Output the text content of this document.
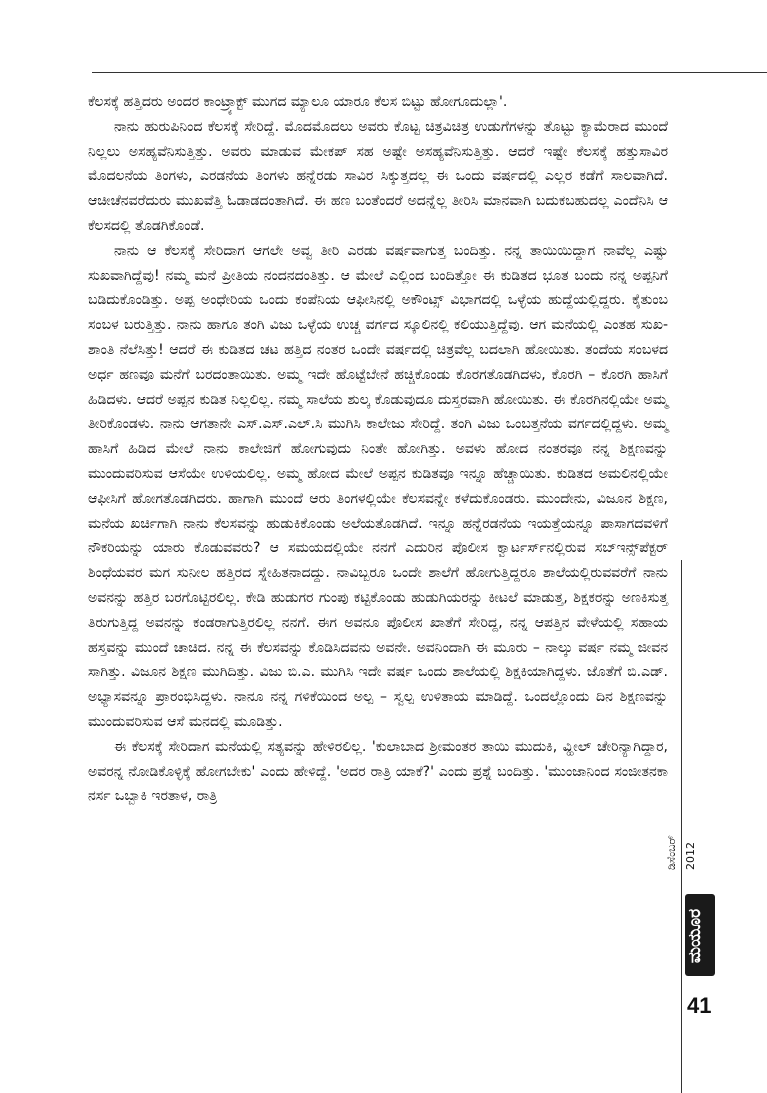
ಕೆಲಸಕ್ಕೆ ಹತ್ತಿದರು ಅಂದರ ಕಾಂಟ್ರ್ಯಾಕ್ಟ್ ಮುಗದ ಮ್ಯಾಲೂ ಯಾರೂ ಕೆಲಸ ಬಿಟ್ಟು ಹೋಗೂದುಲ್ಲಾ'.

ನಾನು ಹುರುಪಿನಿಂದ ಕೆಲಸಕ್ಕೆ ಸೇರಿದ್ದೆ. ಮೊದಮೊದಲು ಅವರು ಕೊಟ್ಟ ಚಿತ್ರವಿಚಿತ್ರ ಉಡುಗೆಗಳನ್ನು ತೊಟ್ಟು ಕ್ಯಾಮೆರಾದ ಮುಂದೆ ನಿಲ್ಲಲು ಅಸಹ್ಯವೆನಿಸುತ್ತಿತ್ತು. ಅವರು ಮಾಡುವ ಮೇಕಪ್ ಸಹ ಅಷ್ಟೇ ಅಸಹ್ಯವೆನಿಸುತ್ತಿತ್ತು. ಆದರೆ ಇಷ್ಟೇ ಕೆಲಸಕ್ಕೆ ಹತ್ತುಸಾವಿರ ಮೊದಲನೆಯ ತಿಂಗಳು, ಎರಡನೆಯ ತಿಂಗಳು ಹನ್ನೆರಡು ಸಾವಿರ ಸಿಕ್ಕುತ್ತದಲ್ಲ ಈ ಒಂದು ವರ್ಷದಲ್ಲಿ ಎಲ್ಲರ ಕಡೆಗೆ ಸಾಲವಾಗಿದೆ. ಆಚೀಚೆನವರೆದುರು ಮುಖವೆತ್ತಿ ಓಡಾಡದಂತಾಗಿದೆ. ಈ ಹಣ ಬಂತೆಂದರೆ ಅದನ್ನೆಲ್ಲ ತೀರಿಸಿ ಮಾನವಾಗಿ ಬದುಕಬಹುದಲ್ಲ ಎಂದೆನಿಸಿ ಆ ಕೆಲಸದಲ್ಲಿ ತೊಡಗಿಕೊಂಡೆ.

ನಾನು ಆ ಕೆಲಸಕ್ಕೆ ಸೇರಿದಾಗ ಆಗಲೇ ಅವ್ವ ತೀರಿ ಎರಡು ವರ್ಷವಾಗುತ್ತ ಬಂದಿತ್ತು. ನನ್ನ ತಾಯಿಯಿದ್ದಾಗ ನಾವೆಲ್ಲ ಎಷ್ಟು ಸುಖವಾಗಿದ್ದೆವು! ನಮ್ಮ ಮನೆ ಪ್ರೀತಿಯ ನಂದನದಂತಿತ್ತು. ಆ ಮೇಲೆ ಎಲ್ಲಿಂದ ಬಂದಿತ್ತೋ ಈ ಕುಡಿತದ ಭೂತ ಬಂದು ನನ್ನ ಅಪ್ಪನಿಗೆ ಬಡಿದುಕೊಂಡಿತ್ತು. ಅಪ್ಪ ಅಂಧೇರಿಯ ಒಂದು ಕಂಪೆನಿಯ ಆಫೀಸಿನಲ್ಲಿ ಅಕೌಂಟ್ಸ್ ವಿಭಾಗದಲ್ಲಿ ಒಳ್ಳೆಯ ಹುದ್ದೆಯಲ್ಲಿದ್ದರು. ಕೈತುಂಬ ಸಂಬಳ ಬರುತ್ತಿತ್ತು. ನಾನು ಹಾಗೂ ತಂಗಿ ವಿಜು ಒಳ್ಳೆಯ ಉಚ್ಚ ವರ್ಗದ ಸ್ಕೂಲಿನಲ್ಲಿ ಕಲಿಯುತ್ತಿದ್ದೆವು. ಆಗ ಮನೆಯಲ್ಲಿ ಎಂತಹ ಸುಖ-ಶಾಂತಿ ನೆಲೆಸಿತ್ತು! ಆದರೆ ಈ ಕುಡಿತದ ಚಟ ಹತ್ತಿದ ನಂತರ ಒಂದೇ ವರ್ಷದಲ್ಲಿ ಚಿತ್ರವೆಲ್ಲ ಬದಲಾಗಿ ಹೋಯಿತು. ತಂದೆಯ ಸಂಬಳದ ಅರ್ಧ ಹಣವೂ ಮನೆಗೆ ಬರದಂತಾಯಿತು. ಅಮ್ಮ ಇದೇ ಹೊಟ್ಟೆಬೇನೆ ಹಚ್ಚಿಕೊಂಡು ಕೊರಗತೊಡಗಿದಳು, ಕೊರಗಿ – ಕೊರಗಿ ಹಾಸಿಗೆ ಹಿಡಿದಳು. ಆದರೆ ಅಪ್ಪನ ಕುಡಿತ ನಿಲ್ಲಲಿಲ್ಲ. ನಮ್ಮ ಸಾಲೆಯ ಶುಲ್ಕ ಕೊಡುವುದೂ ದುಸ್ತರವಾಗಿ ಹೋಯಿತು. ಈ ಕೊರಗಿನಲ್ಲಿಯೇ ಅಮ್ಮ ತೀರಿಕೊಂಡಳು. ನಾನು ಆಗತಾನೇ ಎಸ್.ಎಸ್.ಎಲ್.ಸಿ ಮುಗಿಸಿ ಕಾಲೇಜು ಸೇರಿದ್ದೆ. ತಂಗಿ ವಿಜು ಒಂಬತ್ತನೆಯ ವರ್ಗದಲ್ಲಿದ್ದಳು. ಅಮ್ಮ ಹಾಸಿಗೆ ಹಿಡಿದ ಮೇಲೆ ನಾನು ಕಾಲೇಜಿಗೆ ಹೋಗುವುದು ನಿಂತೇ ಹೋಗಿತ್ತು. ಅವಳು ಹೋದ ನಂತರವೂ ನನ್ನ ಶಿಕ್ಷಣವನ್ನು ಮುಂದುವರಿಸುವ ಆಸೆಯೇ ಉಳಿಯಲಿಲ್ಲ. ಅಮ್ಮ ಹೋದ ಮೇಲೆ ಅಪ್ಪನ ಕುಡಿತವೂ ಇನ್ನೂ ಹೆಚ್ಚಾಯಿತು. ಕುಡಿತದ ಅಮಲಿನಲ್ಲಿಯೇ ಆಫೀಸಿಗೆ ಹೋಗತೊಡಗಿದರು. ಹಾಗಾಗಿ ಮುಂದೆ ಆರು ತಿಂಗಳಲ್ಲಿಯೇ ಕೆಲಸವನ್ನೇ ಕಳೆದುಕೊಂಡರು. ಮುಂದೇನು, ವಿಜೂನ ಶಿಕ್ಷಣ, ಮನೆಯ ಖರ್ಚಿಗಾಗಿ ನಾನು ಕೆಲಸವನ್ನು ಹುಡುಕಿಕೊಂಡು ಅಲೆಯತೊಡಗಿದೆ. ಇನ್ನೂ ಹನ್ನೆರಡನೆಯ ಇಯತ್ತೆಯನ್ನೂ ಪಾಸಾಗದವಳಿಗೆ ನೌಕರಿಯನ್ನು ಯಾರು ಕೊಡುವವರು? ಆ ಸಮಯದಲ್ಲಿಯೇ ನನಗೆ ಎದುರಿನ ಪೊಲೀಸ ಕ್ವಾರ್ಟರ್ಸ್‌ನಲ್ಲಿರುವ ಸಬ್‌ಇನ್ಸ್‌ಪೆಕ್ಟರ್ ಶಿಂಧೆಯವರ ಮಗ ಸುನೀಲ ಹತ್ತಿರದ ಸ್ನೇಹಿತನಾದದ್ದು. ನಾವಿಬ್ಬರೂ ಒಂದೇ ಶಾಲೆಗೆ ಹೋಗುತ್ತಿದ್ದರೂ ಶಾಲೆಯಲ್ಲಿರುವವರೆಗೆ ನಾನು ಅವನನ್ನು ಹತ್ತಿರ ಬರಗೊಟ್ಟಿರಲಿಲ್ಲ. ಕೇಡಿ ಹುಡುಗರ ಗುಂಪು ಕಟ್ಟಿಕೊಂಡು ಹುಡುಗಿಯರನ್ನು ಕೀಟಲೆ ಮಾಡುತ್ತ, ಶಿಕ್ಷಕರನ್ನು ಅಣಕಿಸುತ್ತ ತಿರುಗುತ್ತಿದ್ದ ಅವನನ್ನು ಕಂಡರಾಗುತ್ತಿರಲಿಲ್ಲ ನನಗೆ. ಈಗ ಅವನೂ ಪೊಲೀಸ ಖಾತೆಗೆ ಸೇರಿದ್ದ, ನನ್ನ ಆಪತ್ತಿನ ವೇಳೆಯಲ್ಲಿ ಸಹಾಯ ಹಸ್ತವನ್ನು ಮುಂದೆ ಚಾಚಿದ. ನನ್ನ ಈ ಕೆಲಸವನ್ನು ಕೊಡಿಸಿದವನು ಅವನೇ. ಅವನಿಂದಾಗಿ ಈ ಮೂರು – ನಾಲ್ಕು ವರ್ಷ ನಮ್ಮ ಜೀವನ ಸಾಗಿತ್ತು. ವಿಜೂನ ಶಿಕ್ಷಣ ಮುಗಿದಿತ್ತು. ವಿಜು ಬಿ.ಎ. ಮುಗಿಸಿ ಇದೇ ವರ್ಷ ಒಂದು ಶಾಲೆಯಲ್ಲಿ ಶಿಕ್ಷಕಿಯಾಗಿದ್ದಳು. ಜೊತೆಗೆ ಬಿ.ಎಡ್. ಅಭ್ಯಾಸವನ್ನೂ ಪ್ರಾರಂಭಿಸಿದ್ದಳು. ನಾನೂ ನನ್ನ ಗಳಿಕೆಯಿಂದ ಅಲ್ಪ – ಸ್ವಲ್ಪ ಉಳಿತಾಯ ಮಾಡಿದ್ದೆ. ಒಂದಲ್ಲೊಂದು ದಿನ ಶಿಕ್ಷಣವನ್ನು ಮುಂದುವರಿಸುವ ಆಸೆ ಮನದಲ್ಲಿ ಮೂಡಿತ್ತು.

ಈ ಕೆಲಸಕ್ಕೆ ಸೇರಿದಾಗ ಮನೆಯಲ್ಲಿ ಸತ್ಯವನ್ನು ಹೇಳಿರಲಿಲ್ಲ. 'ಕುಲಾಬಾದ ಶ್ರೀಮಂತರ ತಾಯಿ ಮುದುಕಿ, ವ್ಹೀಲ್ ಚೇರಿನ್ಯಾಗಿದ್ದಾರ, ಅವರನ್ನ ನೋಡಿಕೊಳ್ಳಿಕ್ಕೆ ಹೋಗಬೇಕು' ಎಂದು ಹೇಳಿದ್ದೆ. 'ಅದರ ರಾತ್ರಿ ಯಾಕೆ?' ಎಂದು ಪ್ರಶ್ನೆ ಬಂದಿತ್ತು. 'ಮುಂಜಾನಿಂದ ಸಂಜೀತನಕಾ ನರ್ಸ ಒಬ್ಬಾಕಿ ಇರತಾಳ, ರಾತ್ರಿ

ಡಿಸೆಂಬರ್ 2012
ಮಯೂರ
41
